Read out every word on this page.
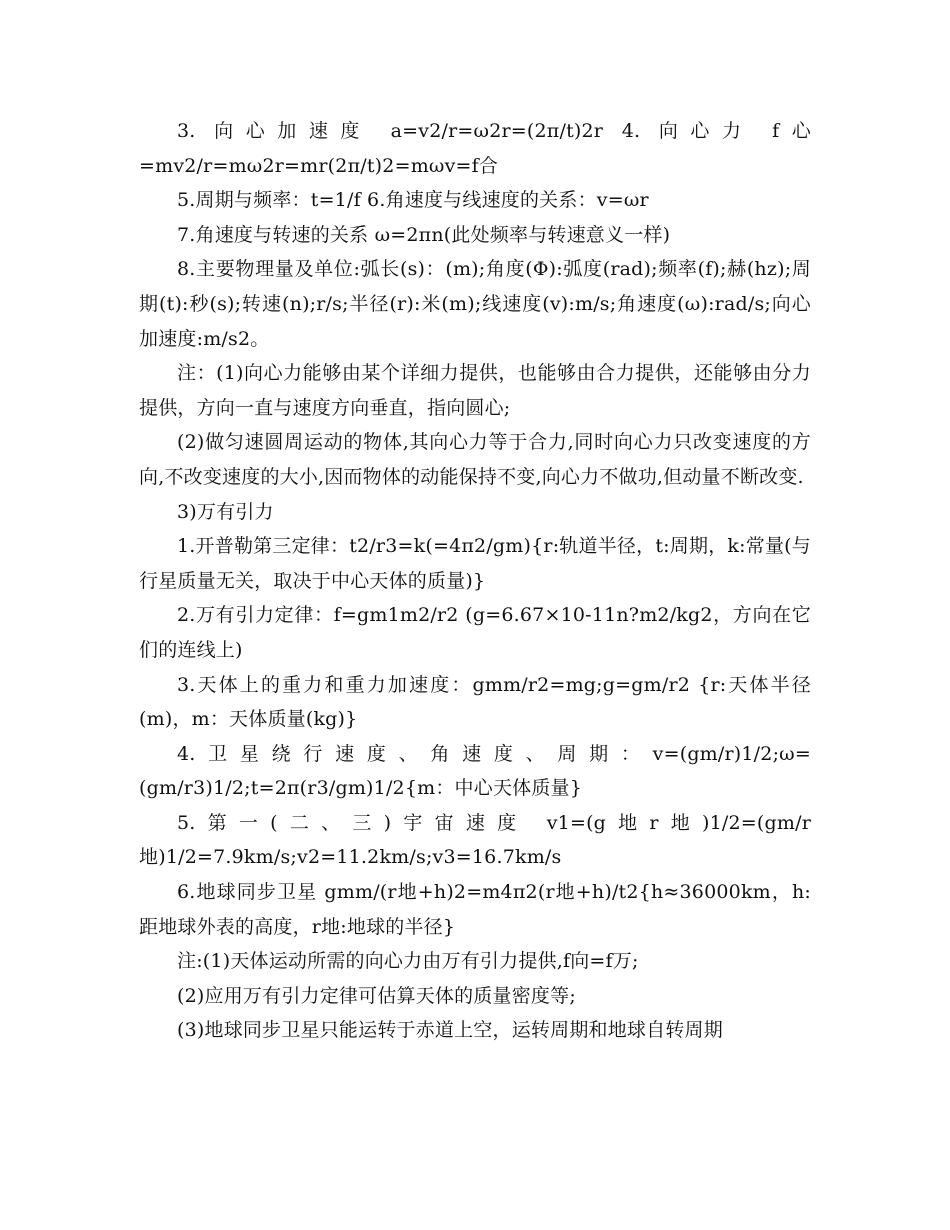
3. 向心加速度 a=v2/r=ω2r=(2π/t)2r 4. 向心力 f心=mv2/r=mω2r=mr(2π/t)2=mωv=f合

5.周期与频率：t=1/f 6.角速度与线速度的关系：v=ωr

7.角速度与转速的关系 ω=2πn(此处频率与转速意义一样)

8.主要物理量及单位:弧长(s)：(m);角度(Φ):弧度(rad);频率(f);赫(hz);周期(t):秒(s);转速(n);r/s;半径(r):米(m);线速度(v):m/s;角速度(ω):rad/s;向心加速度:m/s2。

注：(1)向心力能够由某个详细力提供，也能够由合力提供，还能够由分力提供，方向一直与速度方向垂直，指向圆心;

(2)做匀速圆周运动的物体,其向心力等于合力,同时向心力只改变速度的方向,不改变速度的大小,因而物体的动能保持不变,向心力不做功,但动量不断改变.

3)万有引力

1.开普勒第三定律：t2/r3=k(=4π2/gm){r:轨道半径，t:周期，k:常量(与行星质量无关，取决于中心天体的质量)}

2.万有引力定律：f=gm1m2/r2 (g=6.67×10-11n?m2/kg2，方向在它们的连线上)

3.天体上的重力和重力加速度：gmm/r2=mg;g=gm/r2 {r:天体半径(m)，m：天体质量(kg)}

4.卫星绕行速度、角速度、周期：v=(gm/r)1/2;ω=(gm/r3)1/2;t=2π(r3/gm)1/2{m：中心天体质量}

5.第一(二、三)宇宙速度 v1=(g地r地)1/2=(gm/r地)1/2=7.9km/s;v2=11.2km/s;v3=16.7km/s

6.地球同步卫星 gmm/(r地+h)2=m4π2(r地+h)/t2{h≈36000km，h:距地球外表的高度，r地:地球的半径}

注:(1)天体运动所需的向心力由万有引力提供,f向=f万;

(2)应用万有引力定律可估算天体的质量密度等;

(3)地球同步卫星只能运转于赤道上空，运转周期和地球自转周期
